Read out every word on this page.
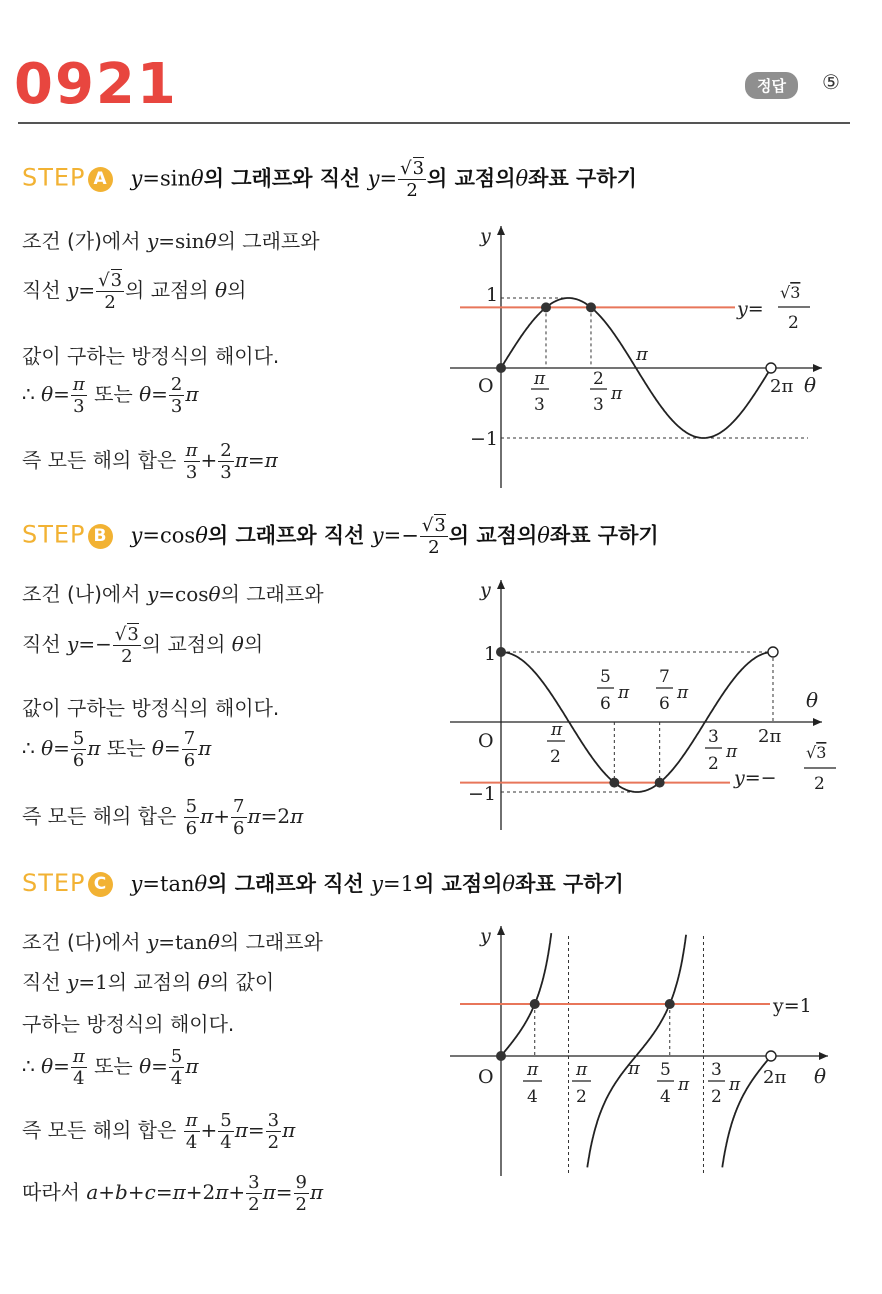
0921	정답	⑤
STEP A y=sinθ의 그래프와 직선 $y= \frac{√3}{2}$ 의 교점의θ좌표 구하기
조건 (가)에서 y=sinθ의 그래프와
직선 $y= \frac{√3}{2}$ 의 교점의 θ의
값이 구하는 방정식의 해이다.
∴ $\theta= \frac{\pi}{3}$ 또는 $\theta= \frac{2}{3}$ π
즉 모든 해의 합은 $\frac{\pi}{3} + \frac{2}{3} \pi=\pi$
y
O
1
−1
θ
2π
π
π
3
2
3
π
y=
√3
2
STEP B y=cosθ의 그래프와 직선 $y=- \frac{√3}{2}$ 의 교점의θ좌표 구하기
조건 (나)에서 y=cosθ의 그래프와
직선 $y=- \frac{√3}{2}$ 의 교점의 θ의
값이 구하는 방정식의 해이다.
∴ $\theta= \frac{5}{6}$ π 또는 $\theta= \frac{7}{6}$ π
즉 모든 해의 합은 $\frac{5}{6} \pi+ \frac{7}{6} \pi=2\pi$
y
O
1
−1
θ
2π
π
2
5
6
π
7
6
π
3
2
π
y=−
√3
2
STEP C y=tanθ의 그래프와 직선 y=1의 교점의θ좌표 구하기
조건 (다)에서 y=tanθ의 그래프와
직선 y=1의 교점의 θ의 값이
구하는 방정식의 해이다.
∴ $\theta= \frac{\pi}{4}$ 또는 $\theta= \frac{5}{4}$ π
즉 모든 해의 합은 $\frac{\pi}{4} + \frac{5}{4} \pi= \frac{3}{2}$ π
따라서 $a+b+c=\pi+2\pi+ \frac{3}{2} \pi= \frac{9}{2}$ π
y
O	θ
2π
π
y=1
π
4
π
2
5
4
π
3
2
π
